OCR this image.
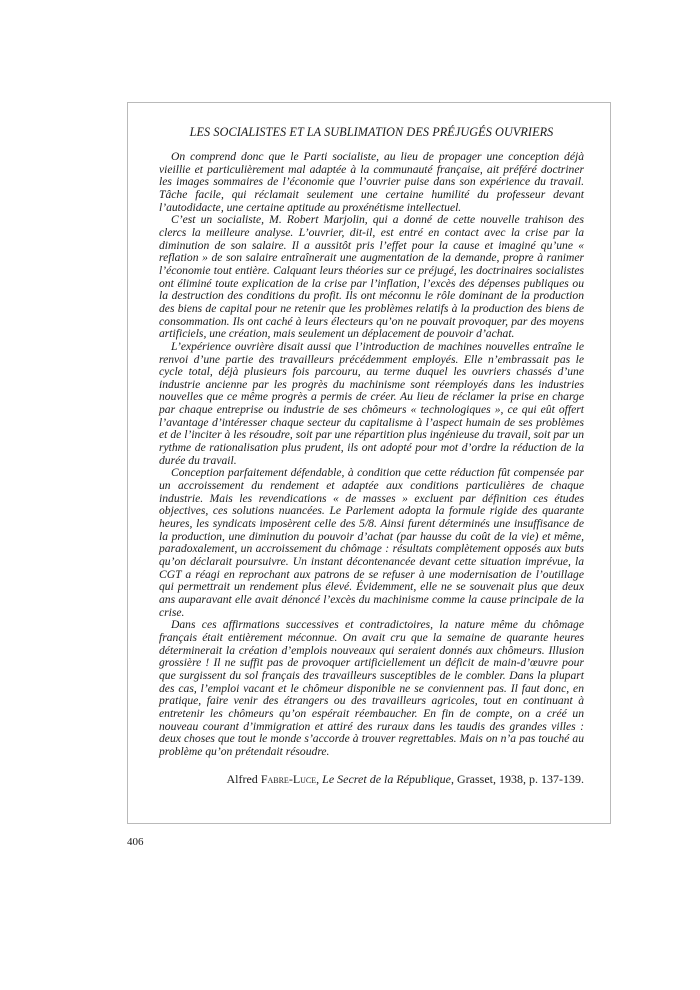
LES SOCIALISTES ET LA SUBLIMATION DES PRÉJUGÉS OUVRIERS

On comprend donc que le Parti socialiste, au lieu de propager une conception déjà vieillie et particulièrement mal adaptée à la communauté française, ait préféré doctriner les images sommaires de l’économie que l’ouvrier puise dans son expérience du travail. Tâche facile, qui réclamait seulement une certaine humilité du professeur devant l’autodidacte, une certaine aptitude au proxénétisme intellectuel.

C’est un socialiste, M. Robert Marjolin, qui a donné de cette nouvelle trahison des clercs la meilleure analyse. L’ouvrier, dit-il, est entré en contact avec la crise par la diminution de son salaire. Il a aussitôt pris l’effet pour la cause et imaginé qu’une « reflation » de son salaire entraînerait une augmentation de la demande, propre à ranimer l’économie tout entière. Calquant leurs théories sur ce préjugé, les doctrinaires socialistes ont éliminé toute explication de la crise par l’inflation, l’excès des dépenses publiques ou la destruction des conditions du profit. Ils ont méconnu le rôle dominant de la production des biens de capital pour ne retenir que les problèmes relatifs à la production des biens de consommation. Ils ont caché à leurs électeurs qu’on ne pouvait provoquer, par des moyens artificiels, une création, mais seulement un déplacement de pouvoir d’achat.

L’expérience ouvrière disait aussi que l’introduction de machines nouvelles entraîne le renvoi d’une partie des travailleurs précédemment employés. Elle n’embrassait pas le cycle total, déjà plusieurs fois parcouru, au terme duquel les ouvriers chassés d’une industrie ancienne par les progrès du machinisme sont réemployés dans les industries nouvelles que ce même progrès a permis de créer. Au lieu de réclamer la prise en charge par chaque entreprise ou industrie de ses chômeurs « technologiques », ce qui eût offert l’avantage d’intéresser chaque secteur du capitalisme à l’aspect humain de ses problèmes et de l’inciter à les résoudre, soit par une répartition plus ingénieuse du travail, soit par un rythme de rationalisation plus prudent, ils ont adopté pour mot d’ordre la réduction de la durée du travail.

Conception parfaitement défendable, à condition que cette réduction fût compensée par un accroissement du rendement et adaptée aux conditions particulières de chaque industrie. Mais les revendications « de masses » excluent par définition ces études objectives, ces solutions nuancées. Le Parlement adopta la formule rigide des quarante heures, les syndicats imposèrent celle des 5/8. Ainsi furent déterminés une insuffisance de la production, une diminution du pouvoir d’achat (par hausse du coût de la vie) et même, paradoxalement, un accroissement du chômage : résultats complètement opposés aux buts qu’on déclarait poursuivre. Un instant décontenancée devant cette situation imprévue, la CGT a réagi en reprochant aux patrons de se refuser à une modernisation de l’outillage qui permettrait un rendement plus élevé. Évidemment, elle ne se souvenait plus que deux ans auparavant elle avait dénoncé l’excès du machinisme comme la cause principale de la crise.

Dans ces affirmations successives et contradictoires, la nature même du chômage français était entièrement méconnue. On avait cru que la semaine de quarante heures déterminerait la création d’emplois nouveaux qui seraient donnés aux chômeurs. Illusion grossière ! Il ne suffit pas de provoquer artificiellement un déficit de main-d’œuvre pour que surgissent du sol français des travailleurs susceptibles de le combler. Dans la plupart des cas, l’emploi vacant et le chômeur disponible ne se conviennent pas. Il faut donc, en pratique, faire venir des étrangers ou des travailleurs agricoles, tout en continuant à entretenir les chômeurs qu’on espérait réembaucher. En fin de compte, on a créé un nouveau courant d’immigration et attiré des ruraux dans les taudis des grandes villes : deux choses que tout le monde s’accorde à trouver regrettables. Mais on n’a pas touché au problème qu’on prétendait résoudre.

Alfred Fabre-Luce, Le Secret de la République, Grasset, 1938, p. 137-139.
406
